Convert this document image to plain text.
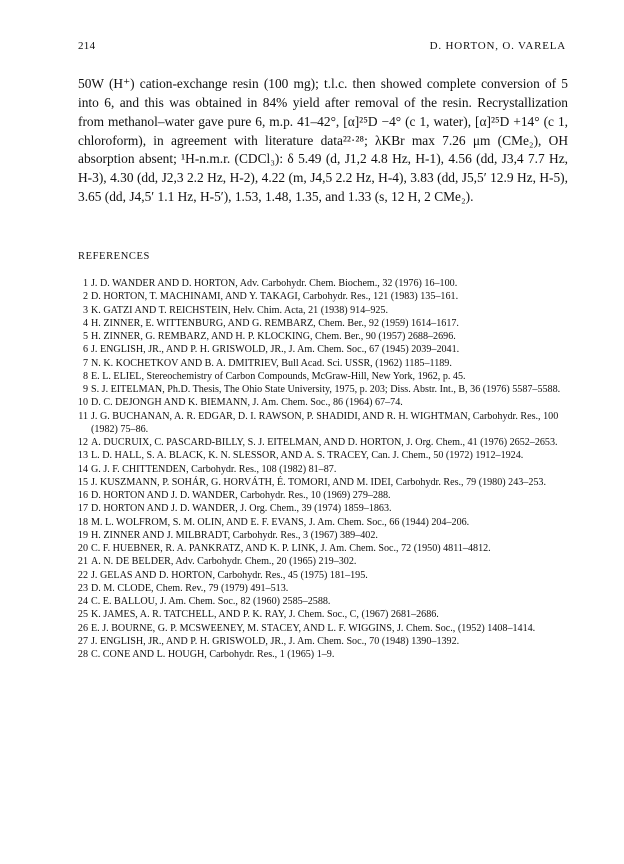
214	D. HORTON, O. VARELA

50W (H⁺) cation-exchange resin (100 mg); t.l.c. then showed complete conversion of 5 into 6, and this was obtained in 84% yield after removal of the resin. Recrystallization from methanol–water gave pure 6, m.p. 41–42°, [α]²⁵D −4° (c 1, water), [α]²⁵D +14° (c 1, chloroform), in agreement with literature data²²·²⁸; λKBr max 7.26 μm (CMe₂), OH absorption absent; ¹H-n.m.r. (CDCl₃): δ 5.49 (d, J1,2 4.8 Hz, H-1), 4.56 (dd, J3,4 7.7 Hz, H-3), 4.30 (dd, J2,3 2.2 Hz, H-2), 4.22 (m, J4,5 2.2 Hz, H-4), 3.83 (dd, J5,5′ 12.9 Hz, H-5), 3.65 (dd, J4,5′ 1.1 Hz, H-5′), 1.53, 1.48, 1.35, and 1.33 (s, 12 H, 2 CMe₂).

REFERENCES
1 J. D. WANDER AND D. HORTON, Adv. Carbohydr. Chem. Biochem., 32 (1976) 16–100.
2 D. HORTON, T. MACHINAMI, AND Y. TAKAGI, Carbohydr. Res., 121 (1983) 135–161.
3 K. GATZI AND T. REICHSTEIN, Helv. Chim. Acta, 21 (1938) 914–925.
4 H. ZINNER, E. WITTENBURG, AND G. REMBARZ, Chem. Ber., 92 (1959) 1614–1617.
5 H. ZINNER, G. REMBARZ, AND H. P. KLOCKING, Chem. Ber., 90 (1957) 2688–2696.
6 J. ENGLISH, JR., AND P. H. GRISWOLD, JR., J. Am. Chem. Soc., 67 (1945) 2039–2041.
7 N. K. KOCHETKOV AND B. A. DMITRIEV, Bull Acad. Sci. USSR, (1962) 1185–1189.
8 E. L. ELIEL, Stereochemistry of Carbon Compounds, McGraw-Hill, New York, 1962, p. 45.
9 S. J. EITELMAN, Ph.D. Thesis, The Ohio State University, 1975, p. 203; Diss. Abstr. Int., B, 36 (1976) 5587–5588.
10 D. C. DEJONGH AND K. BIEMANN, J. Am. Chem. Soc., 86 (1964) 67–74.
11 J. G. BUCHANAN, A. R. EDGAR, D. I. RAWSON, P. SHADIDI, AND R. H. WIGHTMAN, Carbohydr. Res., 100 (1982) 75–86.
12 A. DUCRUIX, C. PASCARD-BILLY, S. J. EITELMAN, AND D. HORTON, J. Org. Chem., 41 (1976) 2652–2653.
13 L. D. HALL, S. A. BLACK, K. N. SLESSOR, AND A. S. TRACEY, Can. J. Chem., 50 (1972) 1912–1924.
14 G. J. F. CHITTENDEN, Carbohydr. Res., 108 (1982) 81–87.
15 J. KUSZMANN, P. SOHÁR, G. HORVÁTH, É. TOMORI, AND M. IDEI, Carbohydr. Res., 79 (1980) 243–253.
16 D. HORTON AND J. D. WANDER, Carbohydr. Res., 10 (1969) 279–288.
17 D. HORTON AND J. D. WANDER, J. Org. Chem., 39 (1974) 1859–1863.
18 M. L. WOLFROM, S. M. OLIN, AND E. F. EVANS, J. Am. Chem. Soc., 66 (1944) 204–206.
19 H. ZINNER AND J. MILBRADT, Carbohydr. Res., 3 (1967) 389–402.
20 C. F. HUEBNER, R. A. PANKRATZ, AND K. P. LINK, J. Am. Chem. Soc., 72 (1950) 4811–4812.
21 A. N. DE BELDER, Adv. Carbohydr. Chem., 20 (1965) 219–302.
22 J. GELAS AND D. HORTON, Carbohydr. Res., 45 (1975) 181–195.
23 D. M. CLODE, Chem. Rev., 79 (1979) 491–513.
24 C. E. BALLOU, J. Am. Chem. Soc., 82 (1960) 2585–2588.
25 K. JAMES, A. R. TATCHELL, AND P. K. RAY, J. Chem. Soc., C, (1967) 2681–2686.
26 E. J. BOURNE, G. P. MCSWEENEY, M. STACEY, AND L. F. WIGGINS, J. Chem. Soc., (1952) 1408–1414.
27 J. ENGLISH, JR., AND P. H. GRISWOLD, JR., J. Am. Chem. Soc., 70 (1948) 1390–1392.
28 C. CONE AND L. HOUGH, Carbohydr. Res., 1 (1965) 1–9.
